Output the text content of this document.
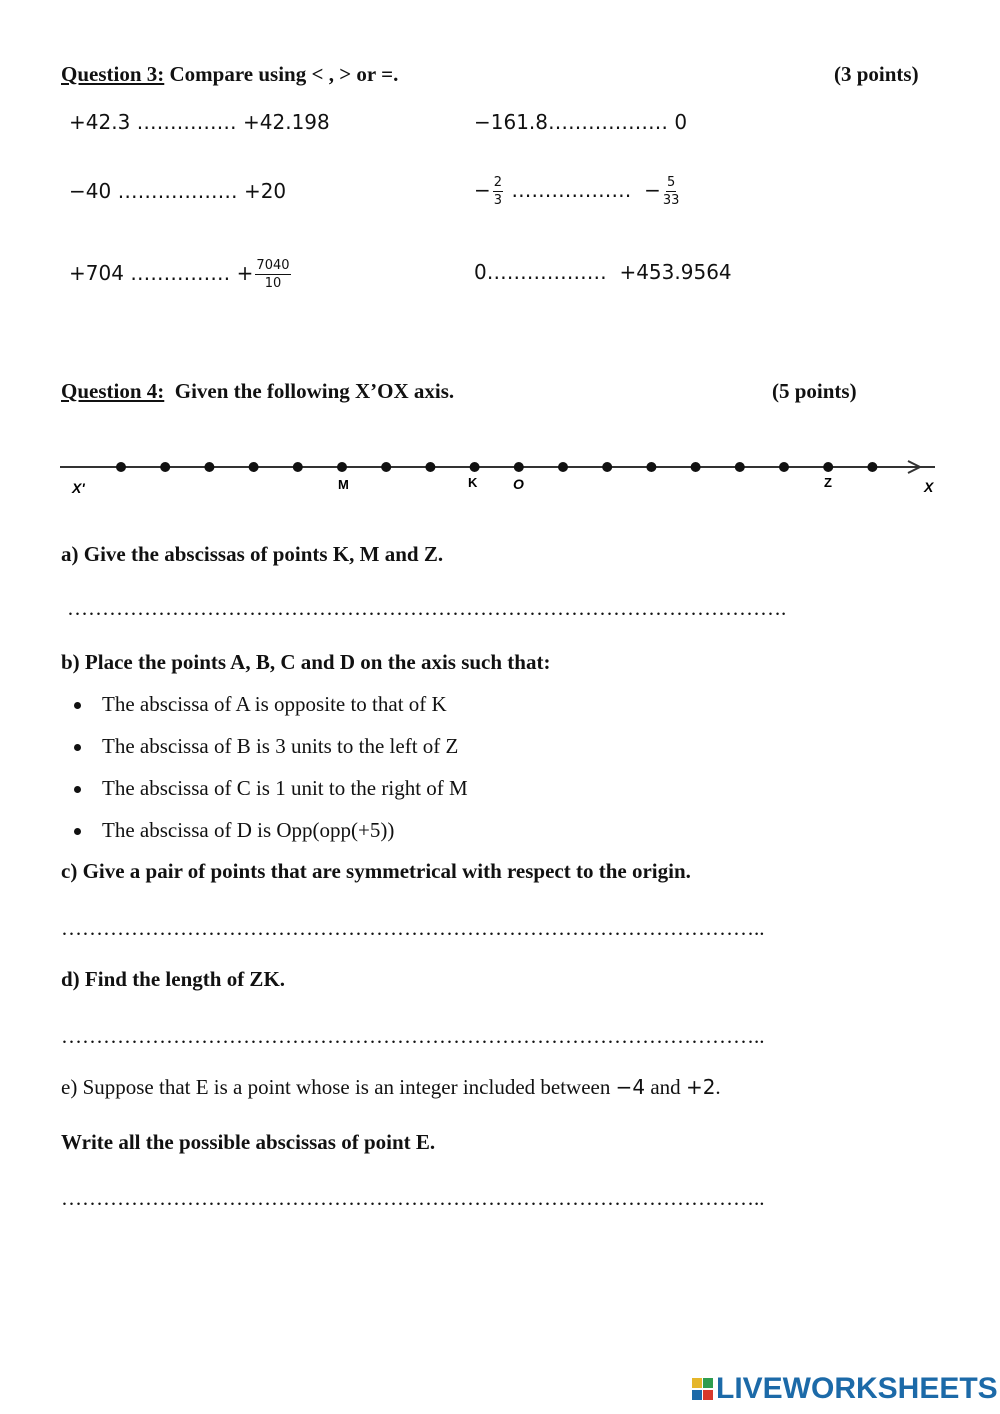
Question 3: Compare using < , > or =.	(3 points)
+42.3 …………… +42.198	−161.8……………… 0
−40 ……………… +20	− $\frac{2}{3}$ ……………… − $\frac{5}{33}$
+704 …………… + $\frac{7040}{10}$	0……………… +453.9564
Question 4: Given the following X’OX axis.	(5 points)
X'	M	K	O	Z	X
a) Give the abscissas of points K, M and Z.
………………………………………………………………………………………….
b) Place the points A, B, C and D on the axis such that:
The abscissa of A is opposite to that of K
The abscissa of B is 3 units to the left of Z
The abscissa of C is 1 unit to the right of M
The abscissa of D is Opp(opp(+5))
c) Give a pair of points that are symmetrical with respect to the origin.
………………………………………………………………………………………..
d) Find the length of ZK.
………………………………………………………………………………………..
e) Suppose that E is a point whose is an integer included between −4 and +2.
Write all the possible abscissas of point E.
………………………………………………………………………………………..
LIVEWORKSHEETS
